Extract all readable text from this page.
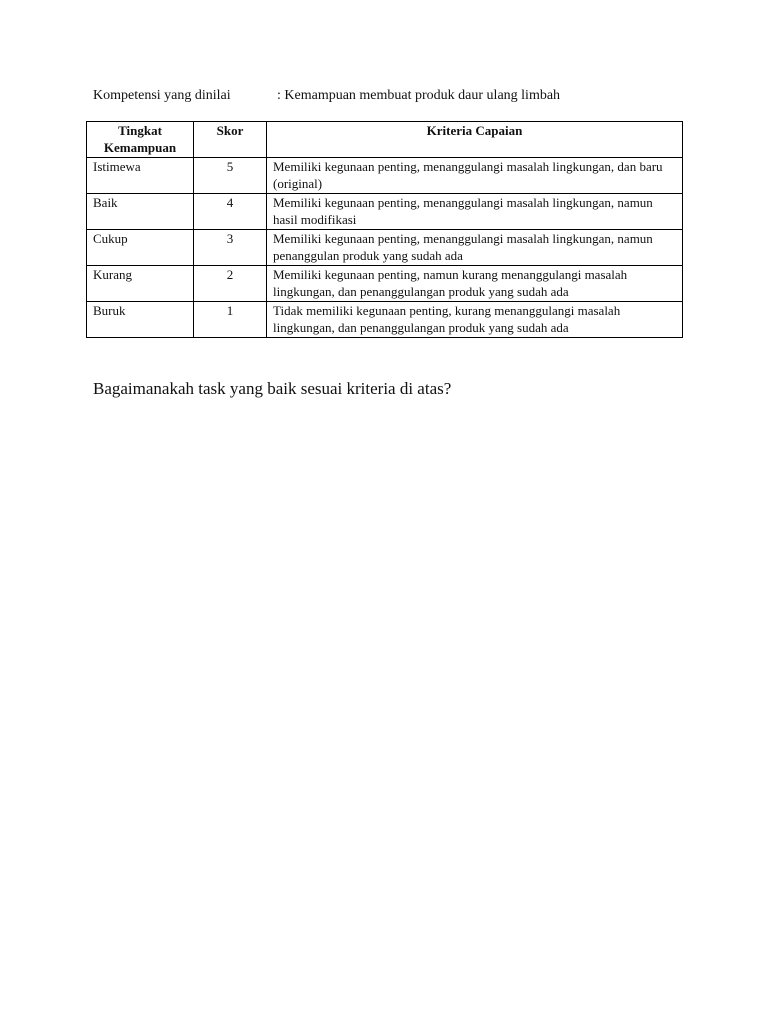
Kompetensi yang dinilai	: Kemampuan membuat produk daur ulang limbah
Tingkat
Kemampuan	Skor	Kriteria Capaian
Istimewa	5	Memiliki kegunaan penting, menanggulangi masalah lingkungan, dan baru (original)
Baik	4	Memiliki kegunaan penting, menanggulangi masalah lingkungan, namun hasil modifikasi
Cukup	3	Memiliki kegunaan penting, menanggulangi masalah lingkungan, namun penanggulan produk yang sudah ada
Kurang	2	Memiliki kegunaan penting, namun kurang menanggulangi masalah lingkungan, dan penanggulangan produk yang sudah ada
Buruk	1	Tidak memiliki kegunaan penting, kurang menanggulangi masalah lingkungan, dan penanggulangan produk yang sudah ada
Bagaimanakah task yang baik sesuai kriteria di atas?
